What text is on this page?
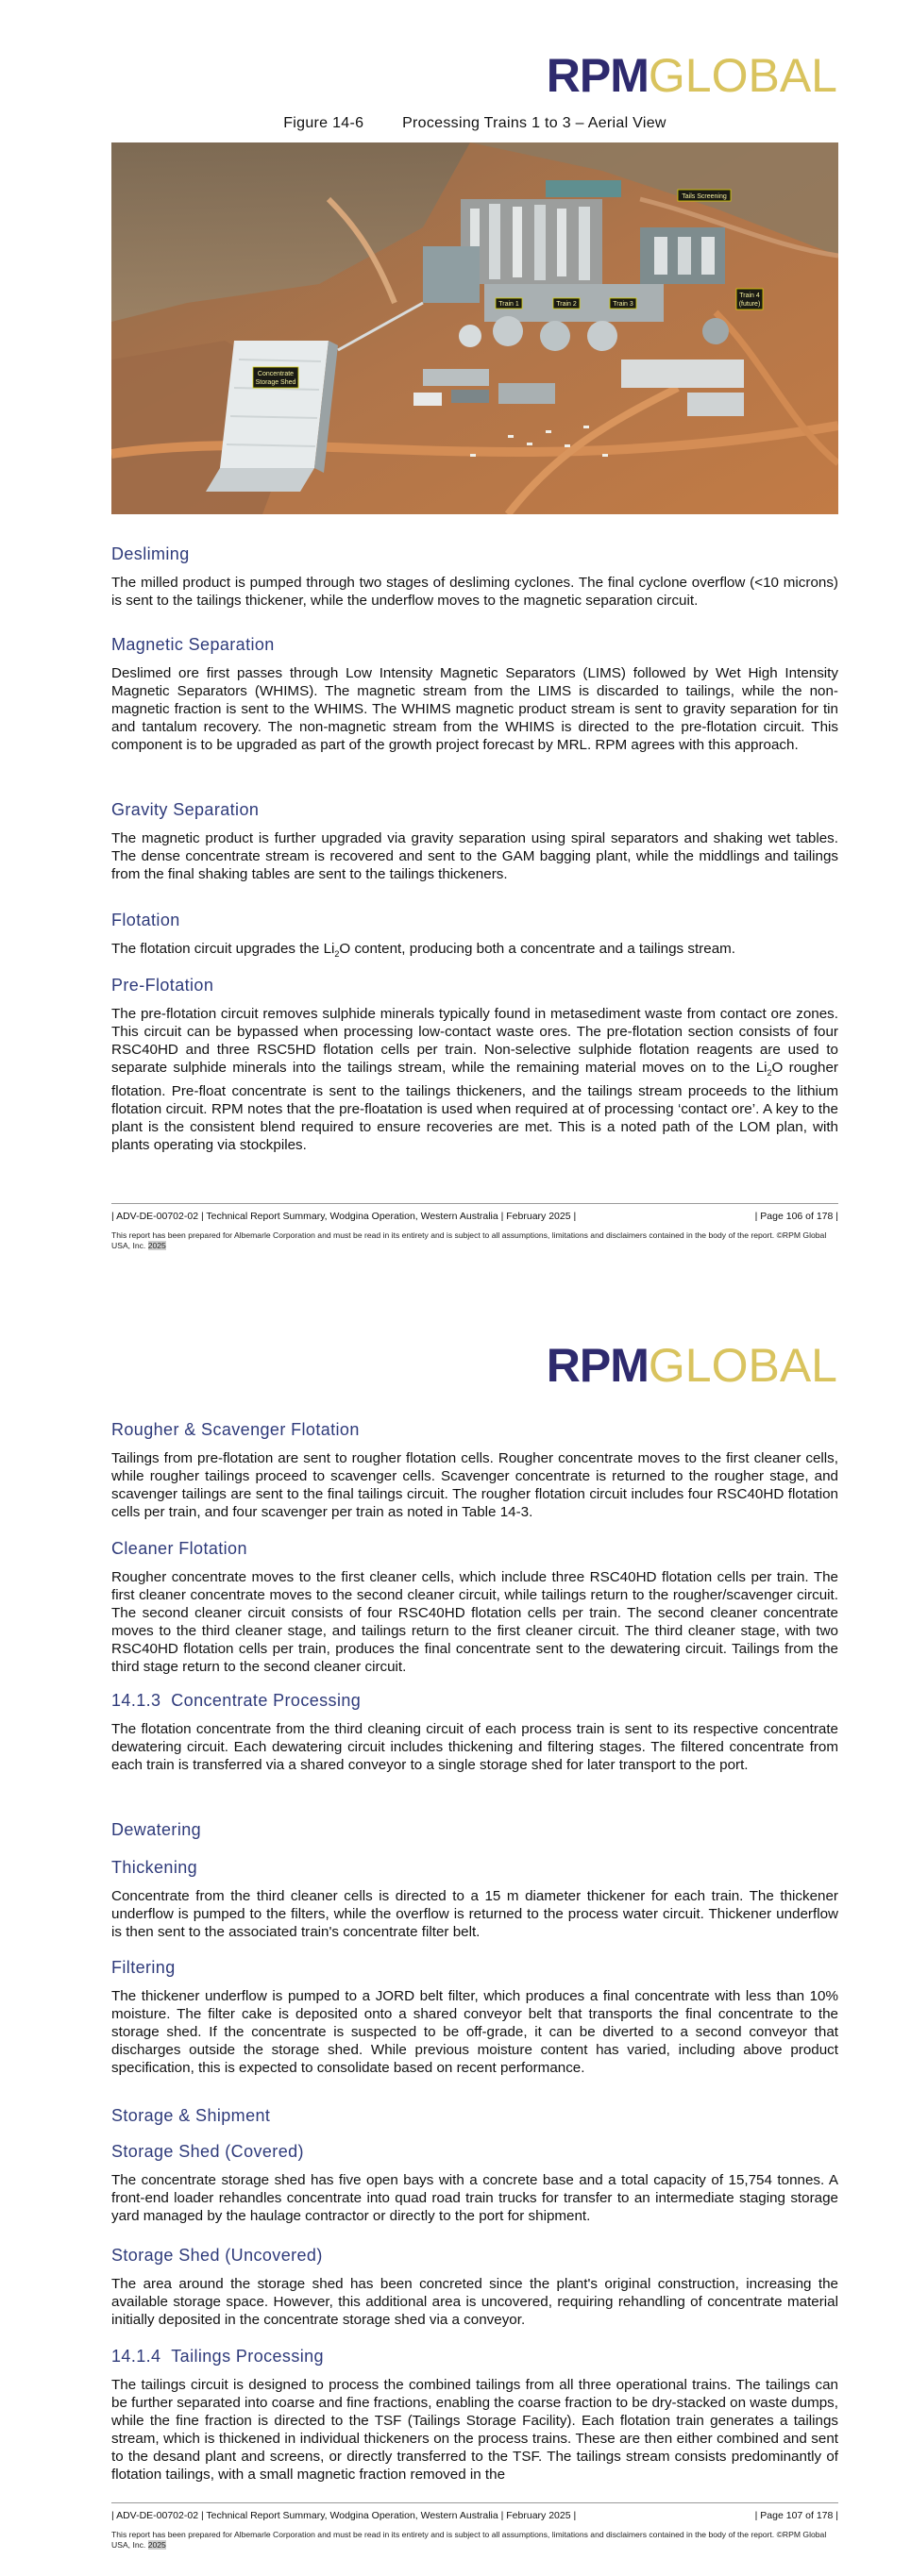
RPMGLOBAL
Figure 14-6	Processing Trains 1 to 3 – Aerial View
Tails Screening
Train 1	Train 2	Train 3
Train 4
(future)
Concentrate
Storage Shed
Desliming

The milled product is pumped through two stages of desliming cyclones. The final cyclone overflow (<10 microns) is sent to the tailings thickener, while the underflow moves to the magnetic separation circuit.

Magnetic Separation

Deslimed ore first passes through Low Intensity Magnetic Separators (LIMS) followed by Wet High Intensity Magnetic Separators (WHIMS). The magnetic stream from the LIMS is discarded to tailings, while the non-magnetic fraction is sent to the WHIMS. The WHIMS magnetic product stream is sent to gravity separation for tin and tantalum recovery. The non-magnetic stream from the WHIMS is directed to the pre-flotation circuit. This component is to be upgraded as part of the growth project forecast by MRL. RPM agrees with this approach.

Gravity Separation

The magnetic product is further upgraded via gravity separation using spiral separators and shaking wet tables. The dense concentrate stream is recovered and sent to the GAM bagging plant, while the middlings and tailings from the final shaking tables are sent to the tailings thickeners.

Flotation

The flotation circuit upgrades the $Li_2O$ content, producing both a concentrate and a tailings stream.

Pre-Flotation

The pre-flotation circuit removes sulphide minerals typically found in metasediment waste from contact ore zones. This circuit can be bypassed when processing low-contact waste ores. The pre-flotation section consists of four RSC40HD and three RSC5HD flotation cells per train. Non-selective sulphide flotation reagents are used to separate sulphide minerals into the tailings stream, while the remaining material moves on to the $Li_2O$ rougher flotation. Pre-float concentrate is sent to the tailings thickeners, and the tailings stream proceeds to the lithium flotation circuit. RPM notes that the pre-floatation is used when required at of processing ‘contact ore’. A key to the plant is the consistent blend required to ensure recoveries are met. This is a noted path of the LOM plan, with plants operating via stockpiles.

| ADV-DE-00702-02 | Technical Report Summary, Wodgina Operation, Western Australia | February 2025 |	| Page 106 of 178 |
This report has been prepared for Albemarle Corporation and must be read in its entirety and is subject to all assumptions, limitations and disclaimers contained in the body of the report. ©RPM Global USA, Inc. 2025
RPMGLOBAL
Rougher & Scavenger Flotation

Tailings from pre-flotation are sent to rougher flotation cells. Rougher concentrate moves to the first cleaner cells, while rougher tailings proceed to scavenger cells. Scavenger concentrate is returned to the rougher stage, and scavenger tailings are sent to the final tailings circuit. The rougher flotation circuit includes four RSC40HD flotation cells per train, and four scavenger per train as noted in Table 14-3.

Cleaner Flotation

Rougher concentrate moves to the first cleaner cells, which include three RSC40HD flotation cells per train. The first cleaner concentrate moves to the second cleaner circuit, while tailings return to the rougher/scavenger circuit. The second cleaner circuit consists of four RSC40HD flotation cells per train. The second cleaner concentrate moves to the third cleaner stage, and tailings return to the first cleaner circuit. The third cleaner stage, with two RSC40HD flotation cells per train, produces the final concentrate sent to the dewatering circuit. Tailings from the third stage return to the second cleaner circuit.

14.1.3 Concentrate Processing

The flotation concentrate from the third cleaning circuit of each process train is sent to its respective concentrate dewatering circuit. Each dewatering circuit includes thickening and filtering stages. The filtered concentrate from each train is transferred via a shared conveyor to a single storage shed for later transport to the port.

Dewatering
Thickening

Concentrate from the third cleaner cells is directed to a 15 m diameter thickener for each train. The thickener underflow is pumped to the filters, while the overflow is returned to the process water circuit. Thickener underflow is then sent to the associated train's concentrate filter belt.

Filtering

The thickener underflow is pumped to a JORD belt filter, which produces a final concentrate with less than 10% moisture. The filter cake is deposited onto a shared conveyor belt that transports the final concentrate to the storage shed. If the concentrate is suspected to be off-grade, it can be diverted to a second conveyor that discharges outside the storage shed. While previous moisture content has varied, including above product specification, this is expected to consolidate based on recent performance.

Storage & Shipment
Storage Shed (Covered)

The concentrate storage shed has five open bays with a concrete base and a total capacity of 15,754 tonnes. A front-end loader rehandles concentrate into quad road train trucks for transfer to an intermediate staging storage yard managed by the haulage contractor or directly to the port for shipment.

Storage Shed (Uncovered)

The area around the storage shed has been concreted since the plant's original construction, increasing the available storage space. However, this additional area is uncovered, requiring rehandling of concentrate material initially deposited in the concentrate storage shed via a conveyor.

14.1.4 Tailings Processing

The tailings circuit is designed to process the combined tailings from all three operational trains. The tailings can be further separated into coarse and fine fractions, enabling the coarse fraction to be dry-stacked on waste dumps, while the fine fraction is directed to the TSF (Tailings Storage Facility). Each flotation train generates a tailings stream, which is thickened in individual thickeners on the process trains. These are then either combined and sent to the desand plant and screens, or directly transferred to the TSF. The tailings stream consists predominantly of flotation tailings, with a small magnetic fraction removed in the

| ADV-DE-00702-02 | Technical Report Summary, Wodgina Operation, Western Australia | February 2025 |	| Page 107 of 178 |
This report has been prepared for Albemarle Corporation and must be read in its entirety and is subject to all assumptions, limitations and disclaimers contained in the body of the report. ©RPM Global USA, Inc. 2025
